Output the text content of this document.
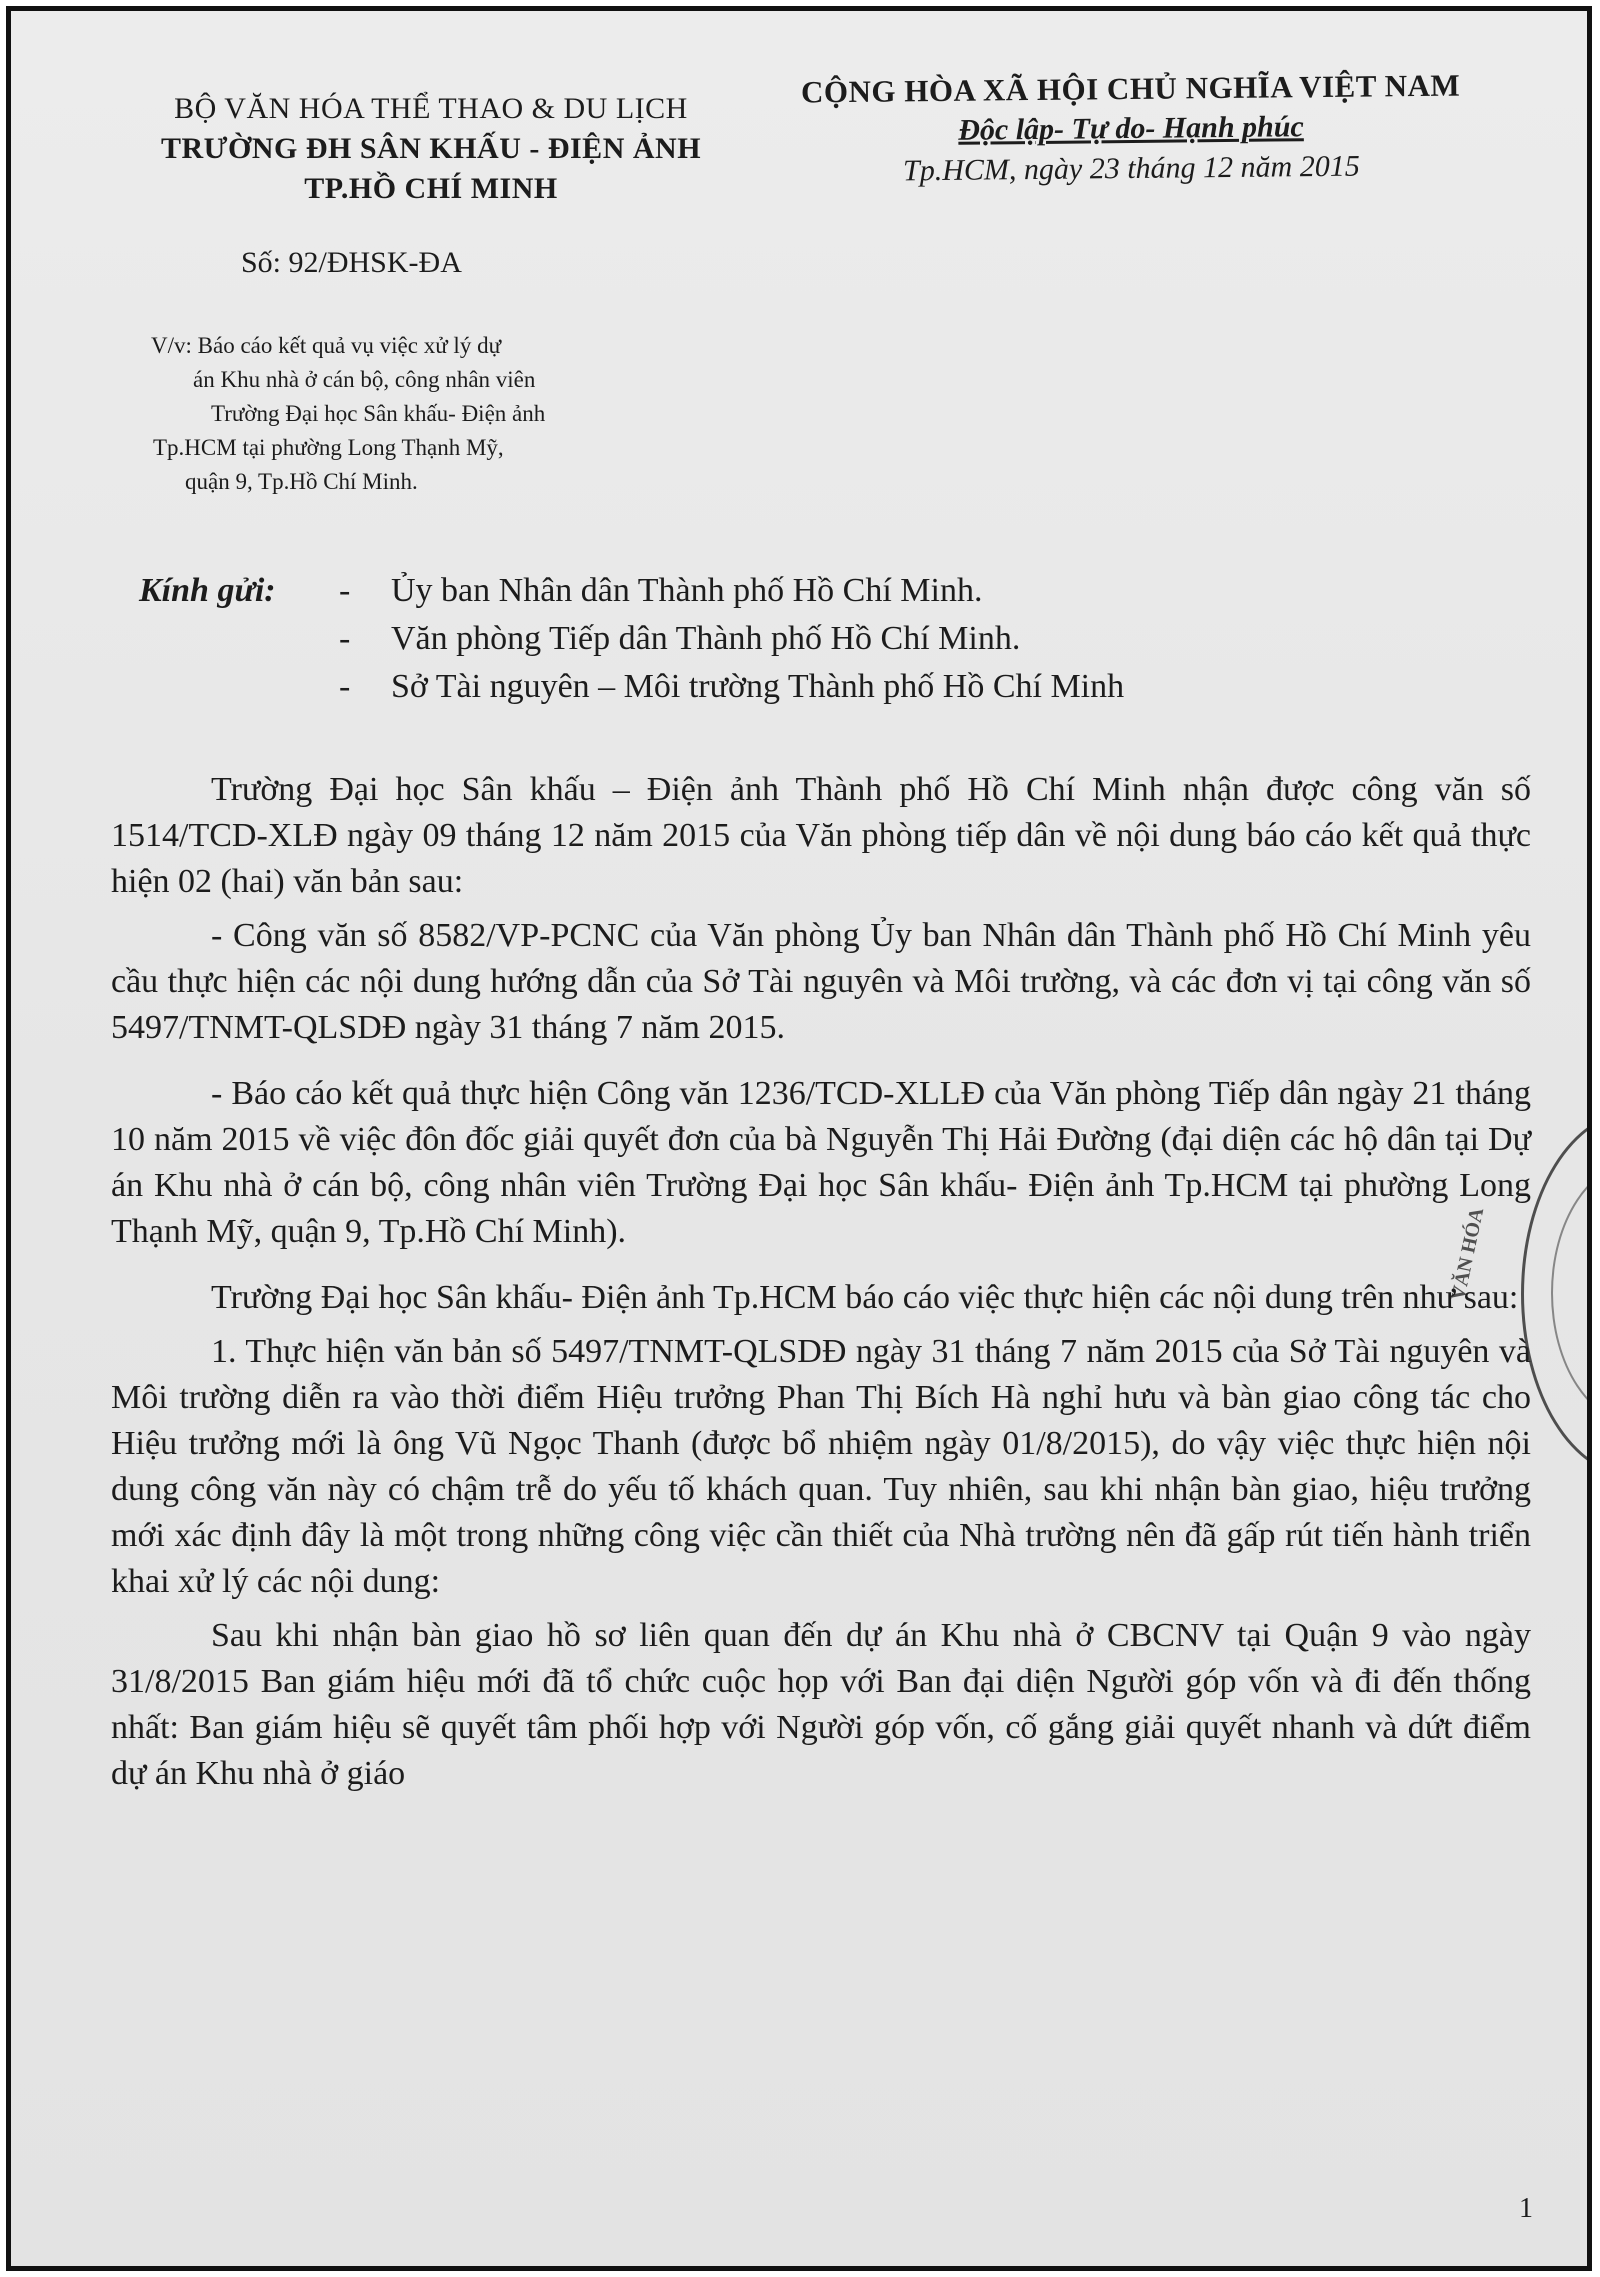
BỘ VĂN HÓA THỂ THAO & DU LỊCH
TRƯỜNG ĐH SÂN KHẤU - ĐIỆN ẢNH
TP.HỒ CHÍ MINH
CỘNG HÒA XÃ HỘI CHỦ NGHĨA VIỆT NAM
Độc lập- Tự do- Hạnh phúc
Tp.HCM, ngày 23 tháng 12 năm 2015
Số: 92/ĐHSK-ĐA
V/v: Báo cáo kết quả vụ việc xử lý dự
án Khu nhà ở cán bộ, công nhân viên
Trường Đại học Sân khấu- Điện ảnh
Tp.HCM tại phường Long Thạnh Mỹ,
quận 9, Tp.Hồ Chí Minh.
Kính gửi:	-	Ủy ban Nhân dân Thành phố Hồ Chí Minh.
-	Văn phòng Tiếp dân Thành phố Hồ Chí Minh.
-	Sở Tài nguyên – Môi trường Thành phố Hồ Chí Minh

Trường Đại học Sân khấu – Điện ảnh Thành phố Hồ Chí Minh nhận được công văn số 1514/TCD-XLĐ ngày 09 tháng 12 năm 2015 của Văn phòng tiếp dân về nội dung báo cáo kết quả thực hiện 02 (hai) văn bản sau:

- Công văn số 8582/VP-PCNC của Văn phòng Ủy ban Nhân dân Thành phố Hồ Chí Minh yêu cầu thực hiện các nội dung hướng dẫn của Sở Tài nguyên và Môi trường, và các đơn vị tại công văn số 5497/TNMT-QLSDĐ ngày 31 tháng 7 năm 2015.

- Báo cáo kết quả thực hiện Công văn 1236/TCD-XLLĐ của Văn phòng Tiếp dân ngày 21 tháng 10 năm 2015 về việc đôn đốc giải quyết đơn của bà Nguyễn Thị Hải Đường (đại diện các hộ dân tại Dự án Khu nhà ở cán bộ, công nhân viên Trường Đại học Sân khấu- Điện ảnh Tp.HCM tại phường Long Thạnh Mỹ, quận 9, Tp.Hồ Chí Minh).

Trường Đại học Sân khấu- Điện ảnh Tp.HCM báo cáo việc thực hiện các nội dung trên như sau:

1. Thực hiện văn bản số 5497/TNMT-QLSDĐ ngày 31 tháng 7 năm 2015 của Sở Tài nguyên và Môi trường diễn ra vào thời điểm Hiệu trưởng Phan Thị Bích Hà nghỉ hưu và bàn giao công tác cho Hiệu trưởng mới là ông Vũ Ngọc Thanh (được bổ nhiệm ngày 01/8/2015), do vậy việc thực hiện nội dung công văn này có chậm trễ do yếu tố khách quan. Tuy nhiên, sau khi nhận bàn giao, hiệu trưởng mới xác định đây là một trong những công việc cần thiết của Nhà trường nên đã gấp rút tiến hành triển khai xử lý các nội dung:

Sau khi nhận bàn giao hồ sơ liên quan đến dự án Khu nhà ở CBCNV tại Quận 9 vào ngày 31/8/2015 Ban giám hiệu mới đã tổ chức cuộc họp với Ban đại diện Người góp vốn và đi đến thống nhất: Ban giám hiệu sẽ quyết tâm phối hợp với Người góp vốn, cố gắng giải quyết nhanh và dứt điểm dự án Khu nhà ở giáo

VĂN HÓA
1
